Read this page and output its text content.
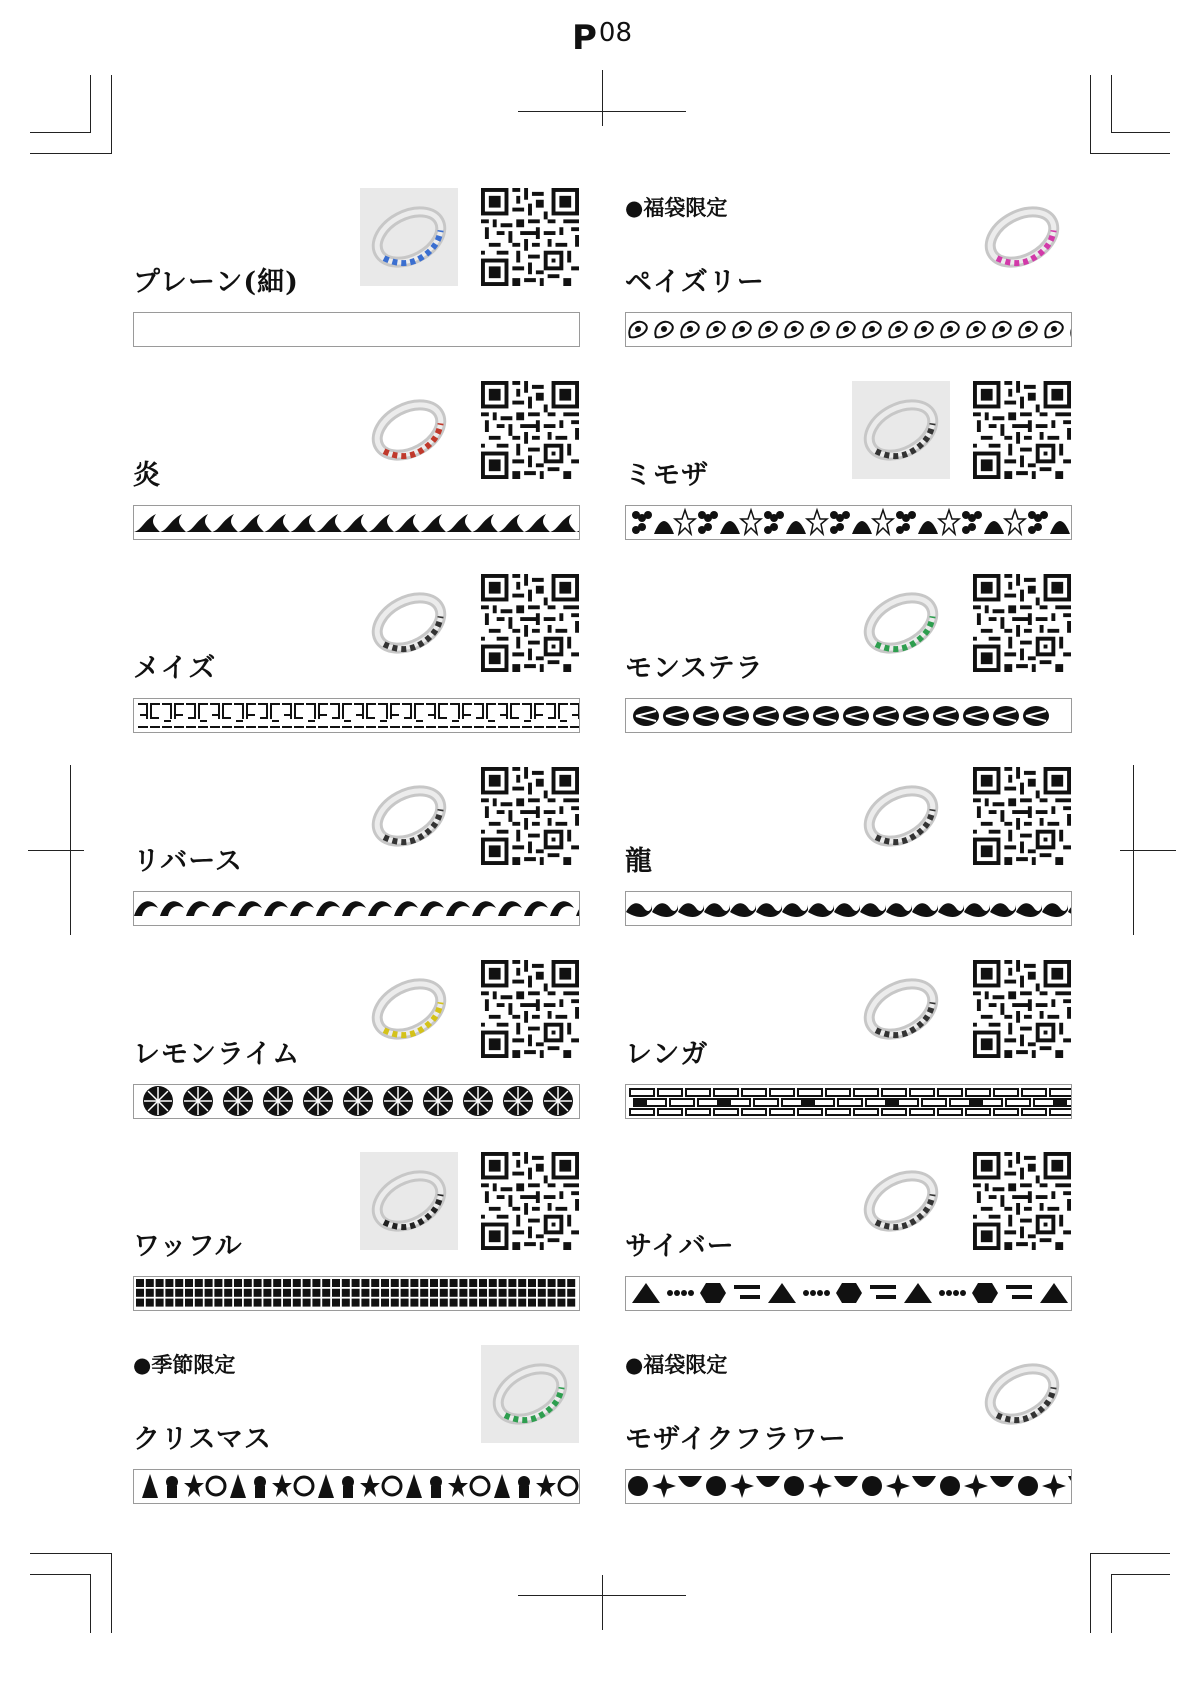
P08
プレーン(細)
●福袋限定
ペイズリー
炎	ミモザ
メイズ	モンステラ
リバース	龍
レモンライム	レンガ
ワッフル	サイバー
●季節限定
クリスマス
●福袋限定
モザイクフラワー
